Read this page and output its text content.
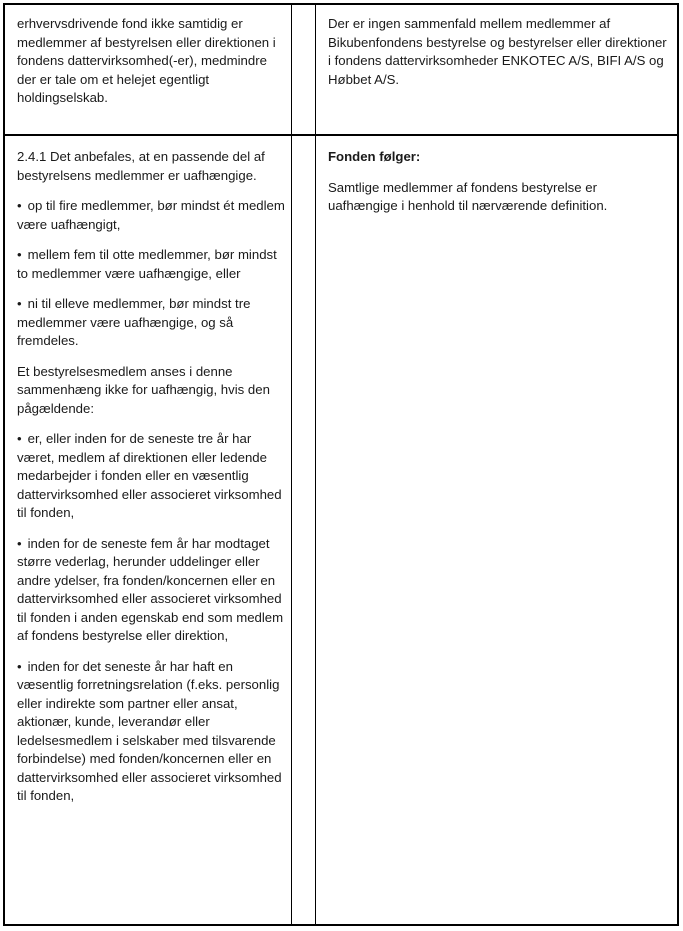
erhvervsdrivende fond ikke samtidig er medlemmer af bestyrelsen eller direktionen i fondens dattervirksomhed(-er), medmindre der er tale om et helejet egentligt holdingselskab.

Der er ingen sammenfald mellem medlemmer af Bikubenfondens bestyrelse og bestyrelser eller direktioner i fondens dattervirksomheder ENKOTEC A/S, BIFI A/S og Høbbet A/S.

2.4.1 Det anbefales, at en passende del af bestyrelsens medlemmer er uafhængige.

• op til fire medlemmer, bør mindst ét medlem være uafhængigt,

• mellem fem til otte medlemmer, bør mindst to medlemmer være uafhængige, eller

• ni til elleve medlemmer, bør mindst tre medlemmer være uafhængige, og så fremdeles.

Et bestyrelsesmedlem anses i denne sammenhæng ikke for uafhængig, hvis den pågældende:

• er, eller inden for de seneste tre år har været, medlem af direktionen eller ledende medarbejder i fonden eller en væsentlig dattervirksomhed eller associeret virksomhed til fonden,

• inden for de seneste fem år har modtaget større vederlag, herunder uddelinger eller andre ydelser, fra fonden/koncernen eller en dattervirksomhed eller associeret virksomhed til fonden i anden egenskab end som medlem af fondens bestyrelse eller direktion,

• inden for det seneste år har haft en væsentlig forretningsrelation (f.eks. personlig eller indirekte som partner eller ansat, aktionær, kunde, leverandør eller ledelsesmedlem i selskaber med tilsvarende forbindelse) med fonden/koncernen eller en dattervirksomhed eller associeret virksomhed til fonden,

Fonden følger:

Samtlige medlemmer af fondens bestyrelse er uafhængige i henhold til nærværende definition.
